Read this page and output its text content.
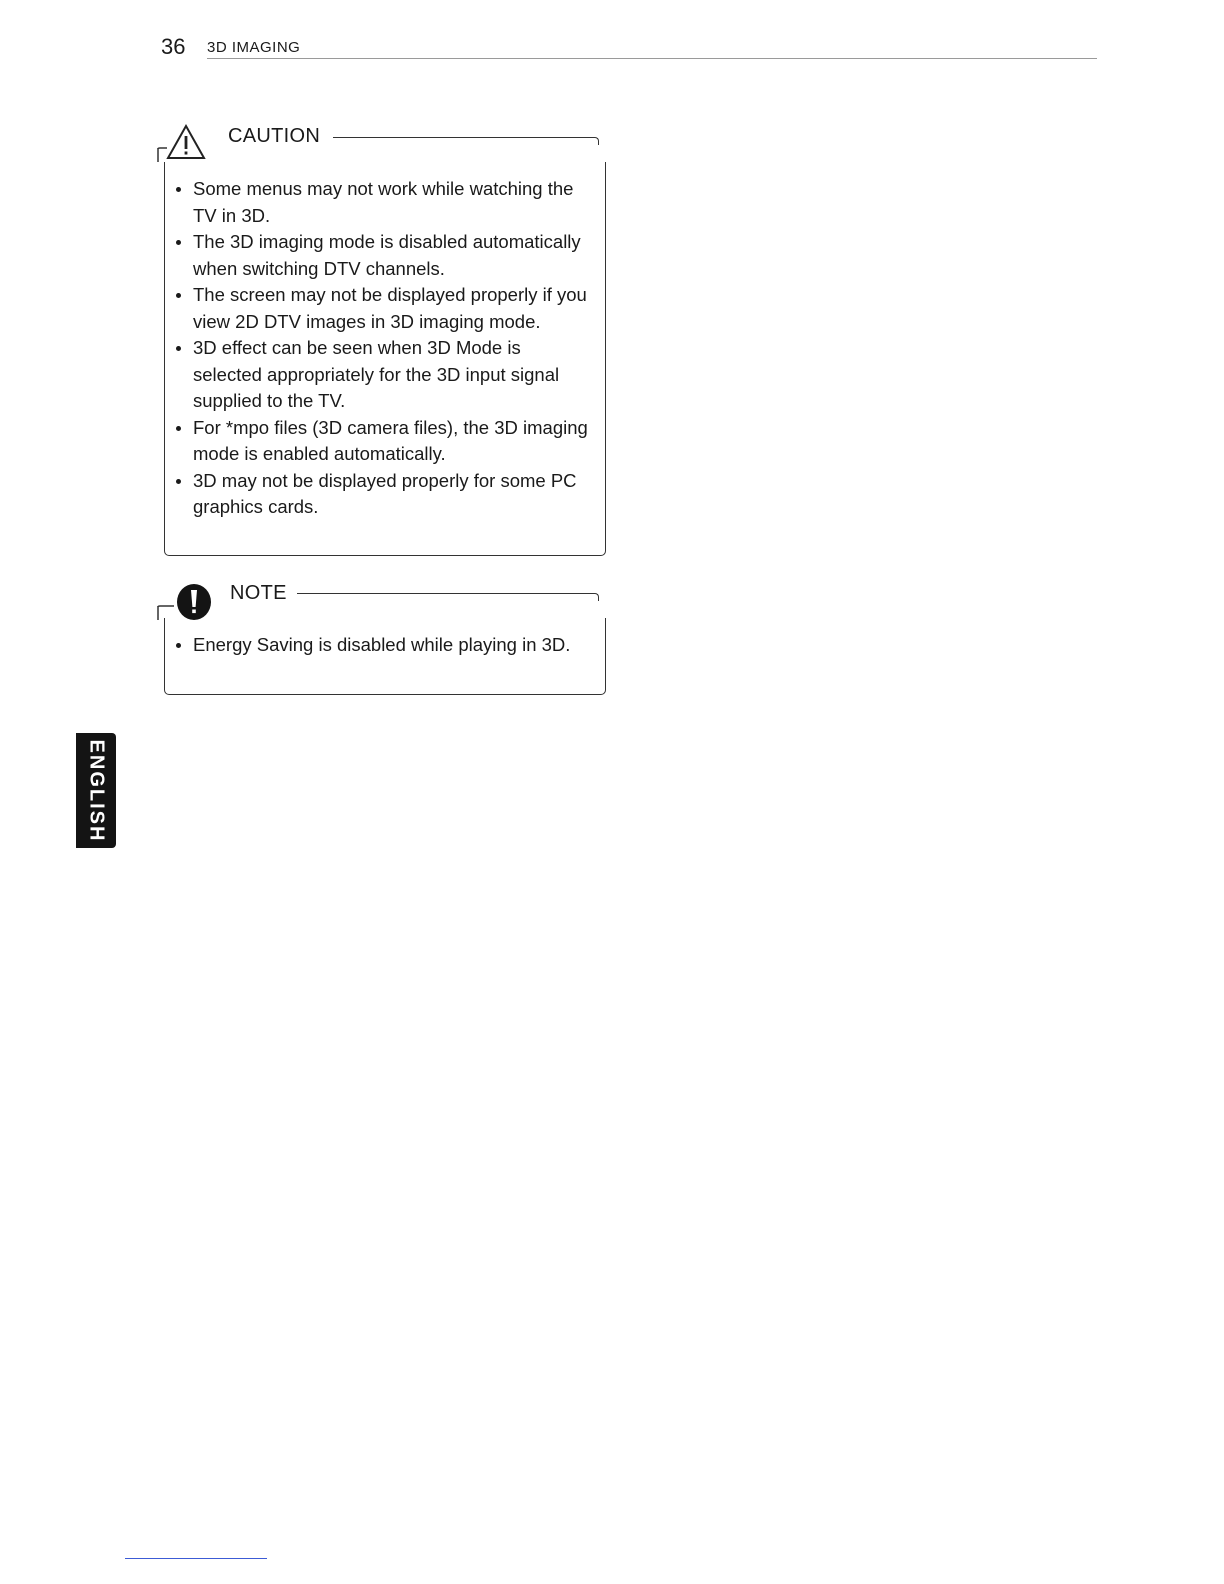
36 3D IMAGING
CAUTION
Some menus may not work while watching the TV in 3D.
The 3D imaging mode is disabled automatically when switching DTV channels.
The screen may not be displayed properly if you view 2D DTV images in 3D imaging mode.
3D effect can be seen when 3D Mode is selected appropriately for the 3D input signal supplied to the TV.
For *mpo files (3D camera files), the 3D imaging mode is enabled automatically.
3D may not be displayed properly for some PC graphics cards.
NOTE
Energy Saving is disabled while playing in 3D.
ENGLISH
